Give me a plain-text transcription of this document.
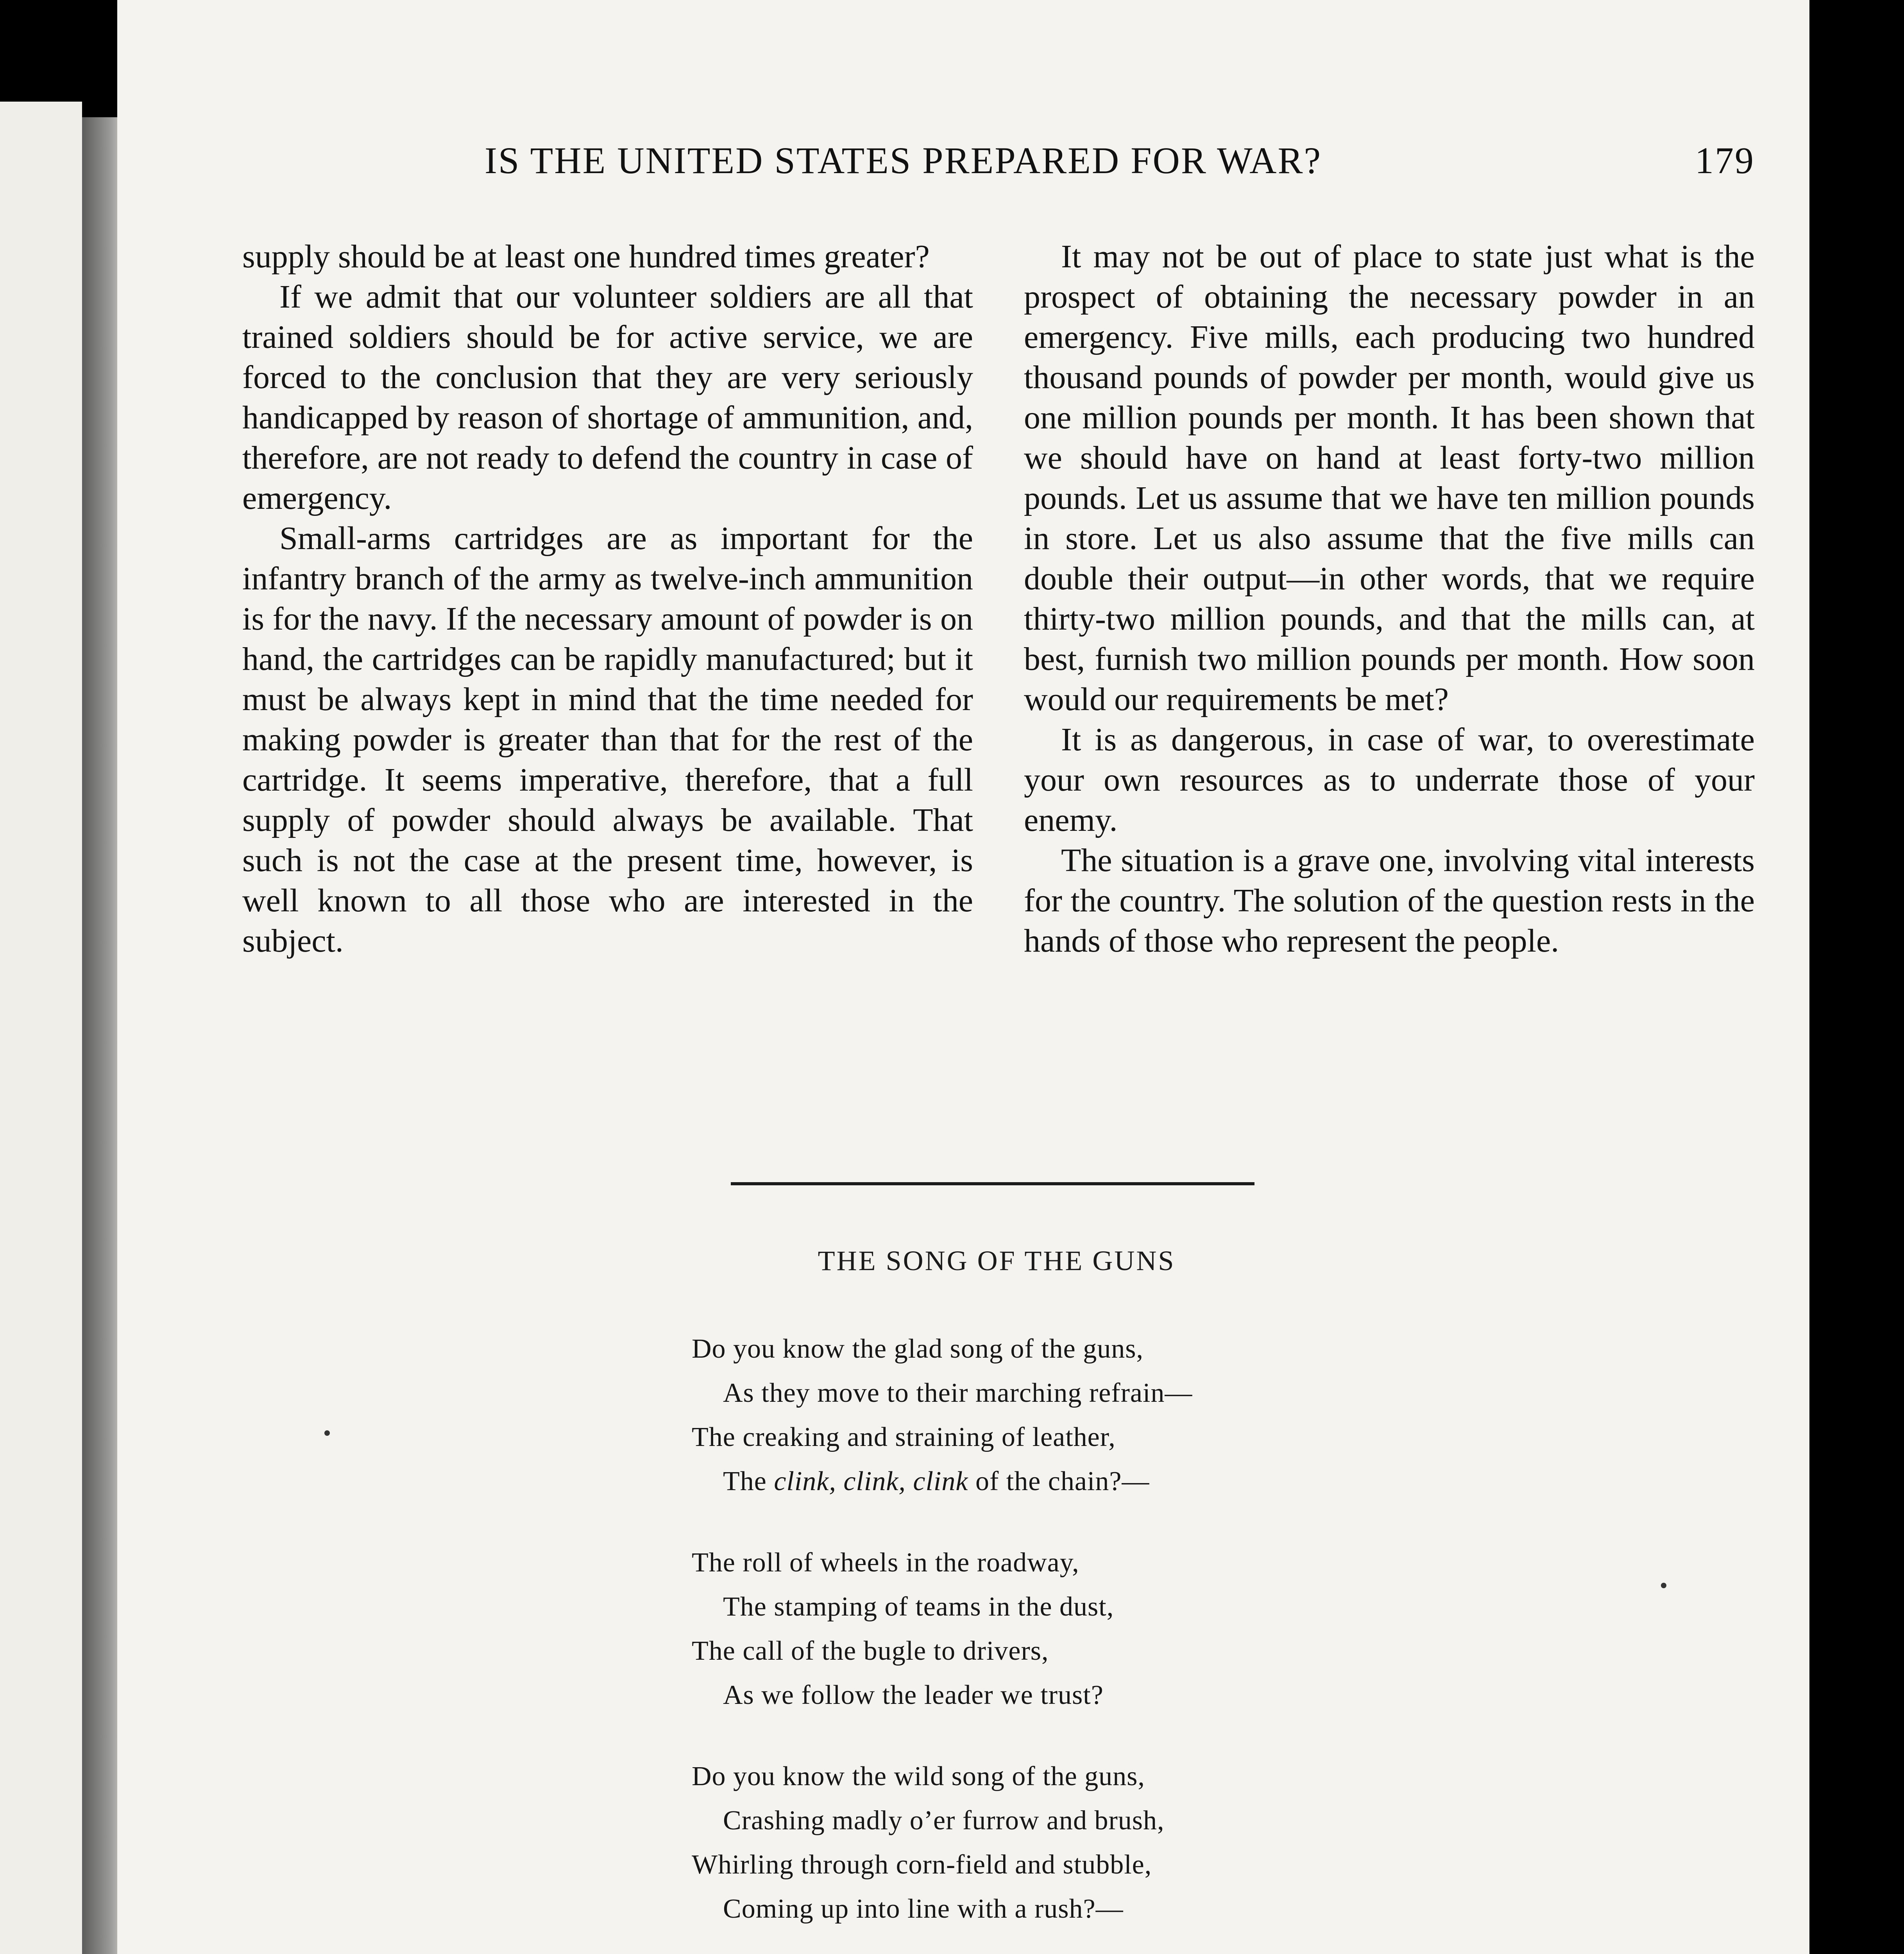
IS THE UNITED STATES PREPARED FOR WAR?	179

supply should be at least one hundred times greater?

If we admit that our volunteer soldiers are all that trained soldiers should be for active service, we are forced to the conclusion that they are very seriously handicapped by reason of shortage of ammunition, and, therefore, are not ready to defend the country in case of emergency.

Small-arms cartridges are as important for the infantry branch of the army as twelve-inch ammunition is for the navy. If the necessary amount of powder is on hand, the cartridges can be rapidly manufactured; but it must be always kept in mind that the time needed for making powder is greater than that for the rest of the cartridge. It seems imperative, therefore, that a full supply of powder should always be available. That such is not the case at the present time, however, is well known to all those who are interested in the subject.

It may not be out of place to state just what is the prospect of obtaining the necessary powder in an emergency. Five mills, each producing two hundred thousand pounds of powder per month, would give us one million pounds per month. It has been shown that we should have on hand at least forty-two million pounds. Let us assume that we have ten million pounds in store. Let us also assume that the five mills can double their output—in other words, that we require thirty-two million pounds, and that the mills can, at best, furnish two million pounds per month. How soon would our requirements be met?

It is as dangerous, in case of war, to overestimate your own resources as to underrate those of your enemy.

The situation is a grave one, involving vital interests for the country. The solution of the question rests in the hands of those who represent the people.

THE SONG OF THE GUNS
Do you know the glad song of the guns,
As they move to their marching refrain—
The creaking and straining of leather,
The clink, clink, clink of the chain?—
The roll of wheels in the roadway,
The stamping of teams in the dust,
The call of the bugle to drivers,
As we follow the leader we trust?
Do you know the wild song of the guns,
Crashing madly o’er furrow and brush,
Whirling through corn-field and stubble,
Coming up into line with a rush?—
